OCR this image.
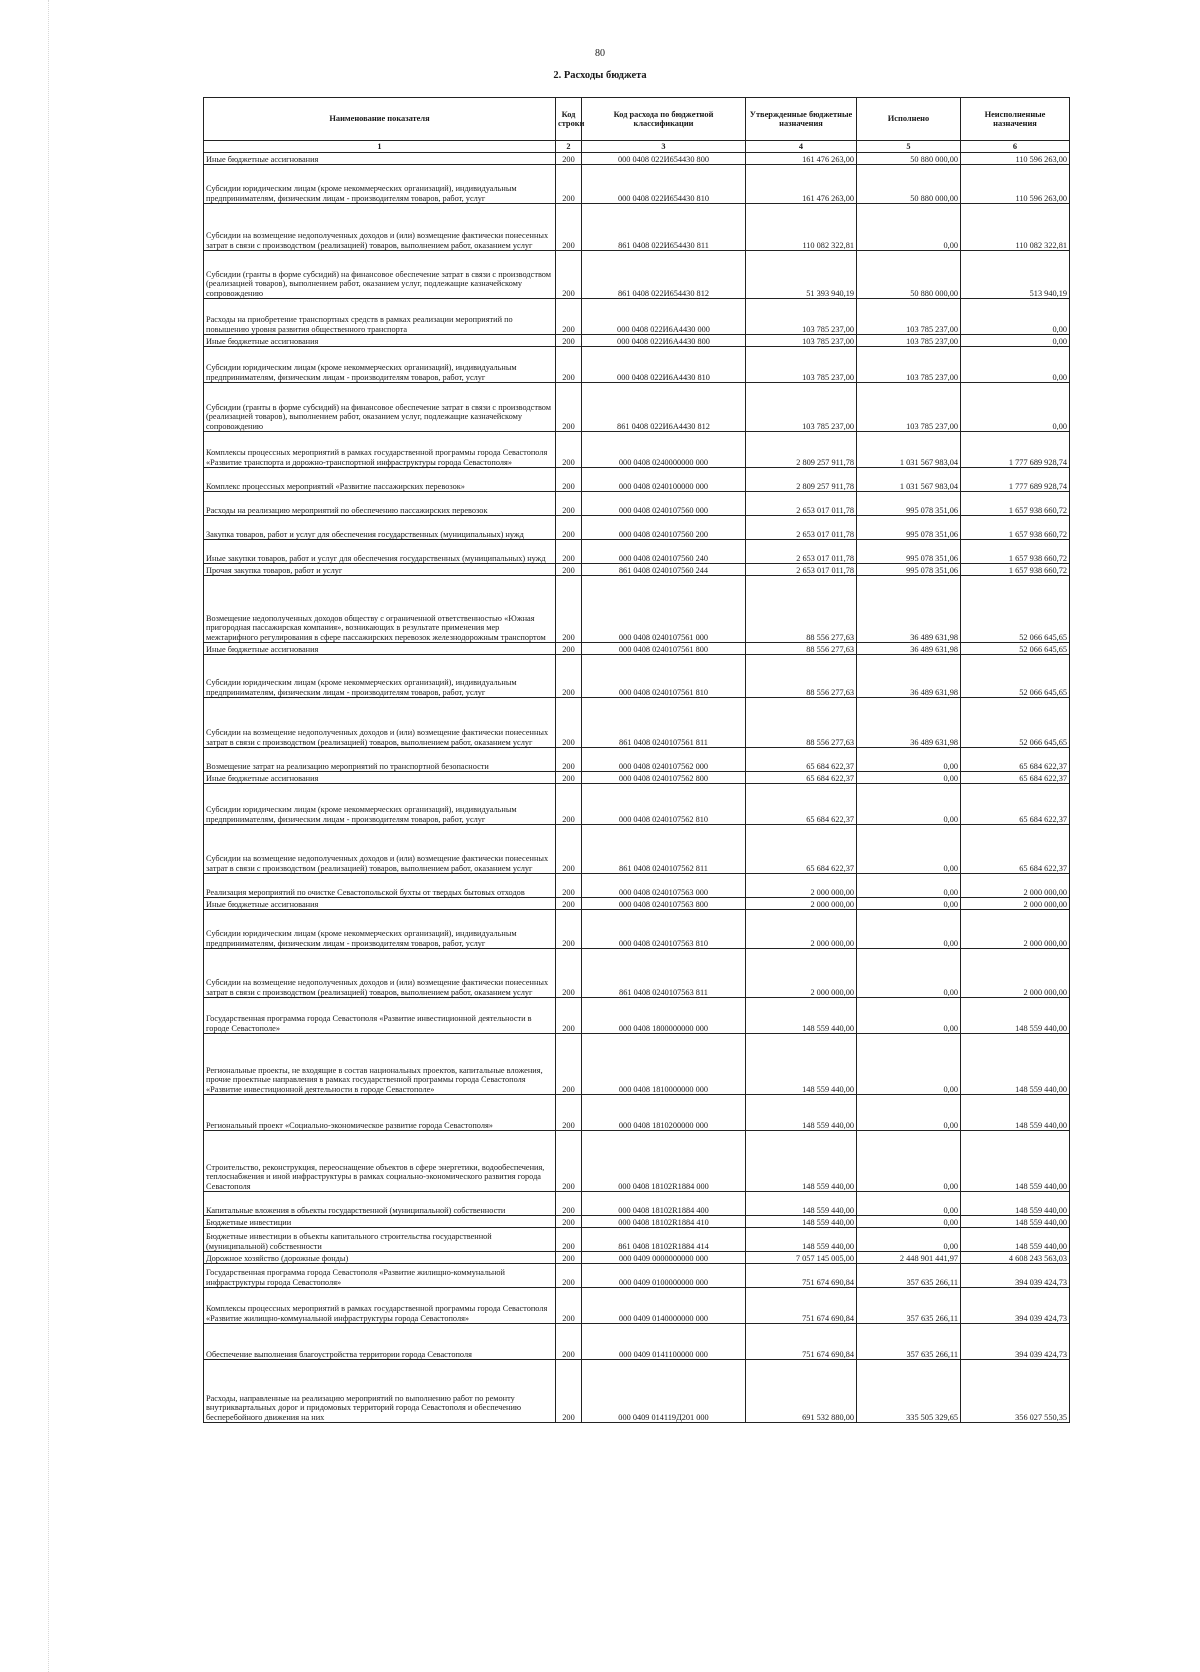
80
2. Расходы бюджета
Наименование показателя	Код строки	Код расхода по бюджетной классификации	Утвержденные бюджетные назначения	Исполнено	Неисполненные назначения
1	2	3	4	5	6
Иные бюджетные ассигнования	200	000 0408 022И654430 800	161 476 263,00	50 880 000,00	110 596 263,00
Субсидии юридическим лицам (кроме некоммерческих организаций), индивидуальным предпринимателям, физическим лицам - производителям товаров, работ, услуг	200	000 0408 022И654430 810	161 476 263,00	50 880 000,00	110 596 263,00
Субсидии на возмещение недополученных доходов и (или) возмещение фактически понесенных затрат в связи с производством (реализацией) товаров, выполнением работ, оказанием услуг	200	861 0408 022И654430 811	110 082 322,81	0,00	110 082 322,81
Субсидии (гранты в форме субсидий) на финансовое обеспечение затрат в связи с производством (реализацией товаров), выполнением работ, оказанием услуг, подлежащие казначейскому сопровождению	200	861 0408 022И654430 812	51 393 940,19	50 880 000,00	513 940,19
Расходы на приобретение транспортных средств в рамках реализации мероприятий по повышению уровня развития общественного транспорта	200	000 0408 022И6А4430 000	103 785 237,00	103 785 237,00	0,00
Иные бюджетные ассигнования	200	000 0408 022И6А4430 800	103 785 237,00	103 785 237,00	0,00
Субсидии юридическим лицам (кроме некоммерческих организаций), индивидуальным предпринимателям, физическим лицам - производителям товаров, работ, услуг	200	000 0408 022И6А4430 810	103 785 237,00	103 785 237,00	0,00
Субсидии (гранты в форме субсидий) на финансовое обеспечение затрат в связи с производством (реализацией товаров), выполнением работ, оказанием услуг, подлежащие казначейскому сопровождению	200	861 0408 022И6А4430 812	103 785 237,00	103 785 237,00	0,00
Комплексы процессных мероприятий в рамках государственной программы города Севастополя «Развитие транспорта и дорожно-транспортной инфраструктуры города Севастополя»	200	000 0408 0240000000 000	2 809 257 911,78	1 031 567 983,04	1 777 689 928,74
Комплекс процессных мероприятий «Развитие пассажирских перевозок»	200	000 0408 0240100000 000	2 809 257 911,78	1 031 567 983,04	1 777 689 928,74
Расходы на реализацию мероприятий по обеспечению пассажирских перевозок	200	000 0408 0240107560 000	2 653 017 011,78	995 078 351,06	1 657 938 660,72
Закупка товаров, работ и услуг для обеспечения государственных (муниципальных) нужд	200	000 0408 0240107560 200	2 653 017 011,78	995 078 351,06	1 657 938 660,72
Иные закупки товаров, работ и услуг для обеспечения государственных (муниципальных) нужд	200	000 0408 0240107560 240	2 653 017 011,78	995 078 351,06	1 657 938 660,72
Прочая закупка товаров, работ и услуг	200	861 0408 0240107560 244	2 653 017 011,78	995 078 351,06	1 657 938 660,72
Возмещение недополученных доходов обществу с ограниченной ответственностью «Южная пригородная пассажирская компания», возникающих в результате применения мер межтарифного регулирования в сфере пассажирских перевозок железнодорожным транспортом	200	000 0408 0240107561 000	88 556 277,63	36 489 631,98	52 066 645,65
Иные бюджетные ассигнования	200	000 0408 0240107561 800	88 556 277,63	36 489 631,98	52 066 645,65
Субсидии юридическим лицам (кроме некоммерческих организаций), индивидуальным предпринимателям, физическим лицам - производителям товаров, работ, услуг	200	000 0408 0240107561 810	88 556 277,63	36 489 631,98	52 066 645,65
Субсидии на возмещение недополученных доходов и (или) возмещение фактически понесенных затрат в связи с производством (реализацией) товаров, выполнением работ, оказанием услуг	200	861 0408 0240107561 811	88 556 277,63	36 489 631,98	52 066 645,65
Возмещение затрат на реализацию мероприятий по транспортной безопасности	200	000 0408 0240107562 000	65 684 622,37	0,00	65 684 622,37
Иные бюджетные ассигнования	200	000 0408 0240107562 800	65 684 622,37	0,00	65 684 622,37
Субсидии юридическим лицам (кроме некоммерческих организаций), индивидуальным предпринимателям, физическим лицам - производителям товаров, работ, услуг	200	000 0408 0240107562 810	65 684 622,37	0,00	65 684 622,37
Субсидии на возмещение недополученных доходов и (или) возмещение фактически понесенных затрат в связи с производством (реализацией) товаров, выполнением работ, оказанием услуг	200	861 0408 0240107562 811	65 684 622,37	0,00	65 684 622,37
Реализация мероприятий по очистке Севастопольской бухты от твердых бытовых отходов	200	000 0408 0240107563 000	2 000 000,00	0,00	2 000 000,00
Иные бюджетные ассигнования	200	000 0408 0240107563 800	2 000 000,00	0,00	2 000 000,00
Субсидии юридическим лицам (кроме некоммерческих организаций), индивидуальным предпринимателям, физическим лицам - производителям товаров, работ, услуг	200	000 0408 0240107563 810	2 000 000,00	0,00	2 000 000,00
Субсидии на возмещение недополученных доходов и (или) возмещение фактически понесенных затрат в связи с производством (реализацией) товаров, выполнением работ, оказанием услуг	200	861 0408 0240107563 811	2 000 000,00	0,00	2 000 000,00
Государственная программа города Севастополя «Развитие инвестиционной деятельности в городе Севастополе»	200	000 0408 1800000000 000	148 559 440,00	0,00	148 559 440,00
Региональные проекты, не входящие в состав национальных проектов, капитальные вложения, прочие проектные направления в рамках государственной программы города Севастополя «Развитие инвестиционной деятельности в городе Севастополе»	200	000 0408 1810000000 000	148 559 440,00	0,00	148 559 440,00
Региональный проект «Социально-экономическое развитие города Севастополя»	200	000 0408 1810200000 000	148 559 440,00	0,00	148 559 440,00
Строительство, реконструкция, переоснащение объектов в сфере энергетики, водообеспечения, теплоснабжения и иной инфраструктуры в рамках социально-экономического развития города Севастополя	200	000 0408 18102R1884 000	148 559 440,00	0,00	148 559 440,00
Капитальные вложения в объекты государственной (муниципальной) собственности	200	000 0408 18102R1884 400	148 559 440,00	0,00	148 559 440,00
Бюджетные инвестиции	200	000 0408 18102R1884 410	148 559 440,00	0,00	148 559 440,00
Бюджетные инвестиции в объекты капитального строительства государственной (муниципальной) собственности	200	861 0408 18102R1884 414	148 559 440,00	0,00	148 559 440,00
Дорожное хозяйство (дорожные фонды)	200	000 0409 0000000000 000	7 057 145 005,00	2 448 901 441,97	4 608 243 563,03
Государственная программа города Севастополя «Развитие жилищно-коммунальной инфраструктуры города Севастополя»	200	000 0409 0100000000 000	751 674 690,84	357 635 266,11	394 039 424,73
Комплексы процессных мероприятий в рамках государственной программы города Севастополя «Развитие жилищно-коммунальной инфраструктуры города Севастополя»	200	000 0409 0140000000 000	751 674 690,84	357 635 266,11	394 039 424,73
Обеспечение выполнения благоустройства территории города Севастополя	200	000 0409 0141100000 000	751 674 690,84	357 635 266,11	394 039 424,73
Расходы, направленные на реализацию мероприятий по выполнению работ по ремонту внутриквартальных дорог и придомовых территорий города Севастополя и обеспечению бесперебойного движения на них	200	000 0409 014119Д201 000	691 532 880,00	335 505 329,65	356 027 550,35
